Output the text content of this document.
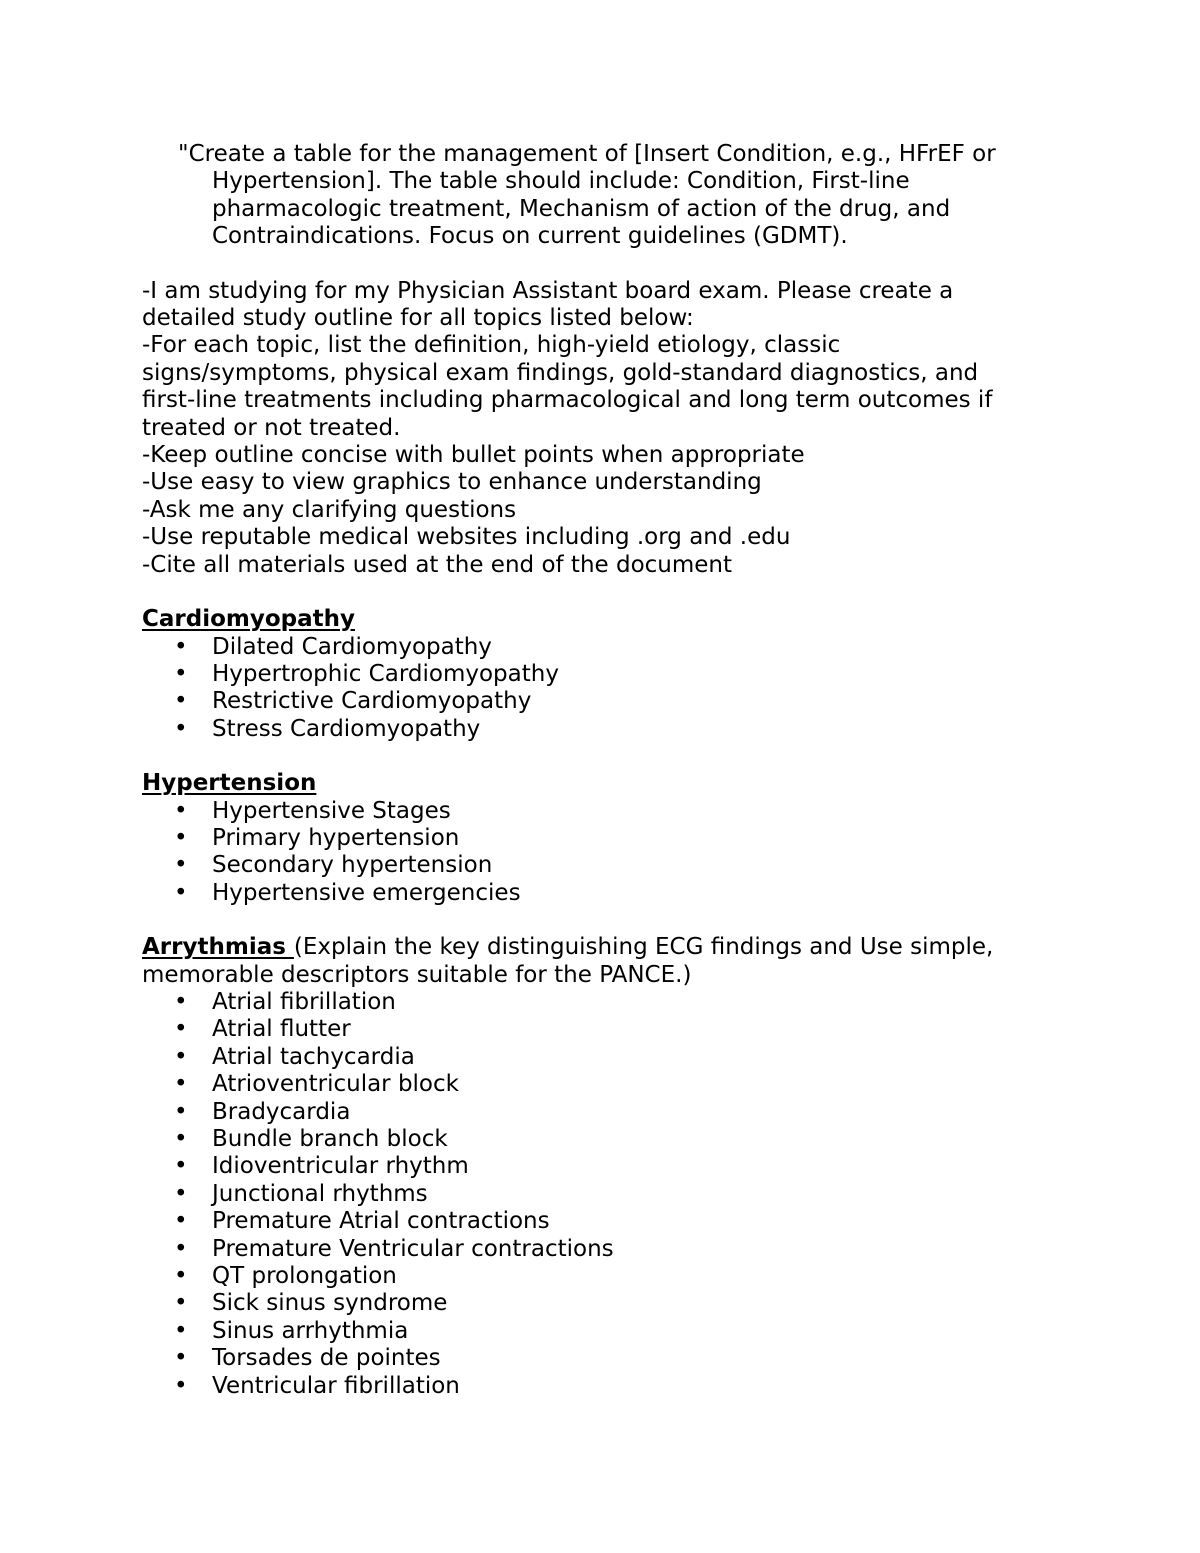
"Create a table for the management of [Insert Condition, e.g., HFrEF or Hypertension]. The table should include: Condition, First-line pharmacologic treatment, Mechanism of action of the drug, and Contraindications. Focus on current guidelines (GDMT).

-I am studying for my Physician Assistant board exam. Please create a detailed study outline for all topics listed below:

-For each topic, list the definition, high-yield etiology, classic signs/symptoms, physical exam findings, gold-standard diagnostics, and first-line treatments including pharmacological and long term outcomes if treated or not treated.

-Keep outline concise with bullet points when appropriate

-Use easy to view graphics to enhance understanding

-Ask me any clarifying questions

-Use reputable medical websites including .org and .edu

-Cite all materials used at the end of the document

Cardiomyopathy

• Dilated Cardiomyopathy
• Hypertrophic Cardiomyopathy
• Restrictive Cardiomyopathy
• Stress Cardiomyopathy

Hypertension

• Hypertensive Stages
• Primary hypertension
• Secondary hypertension
• Hypertensive emergencies

Arrythmias (Explain the key distinguishing ECG findings and Use simple, memorable descriptors suitable for the PANCE.)

• Atrial fibrillation
• Atrial flutter
• Atrial tachycardia
• Atrioventricular block
• Bradycardia
• Bundle branch block
• Idioventricular rhythm
• Junctional rhythms
• Premature Atrial contractions
• Premature Ventricular contractions
• QT prolongation
• Sick sinus syndrome
• Sinus arrhythmia
• Torsades de pointes
• Ventricular fibrillation
